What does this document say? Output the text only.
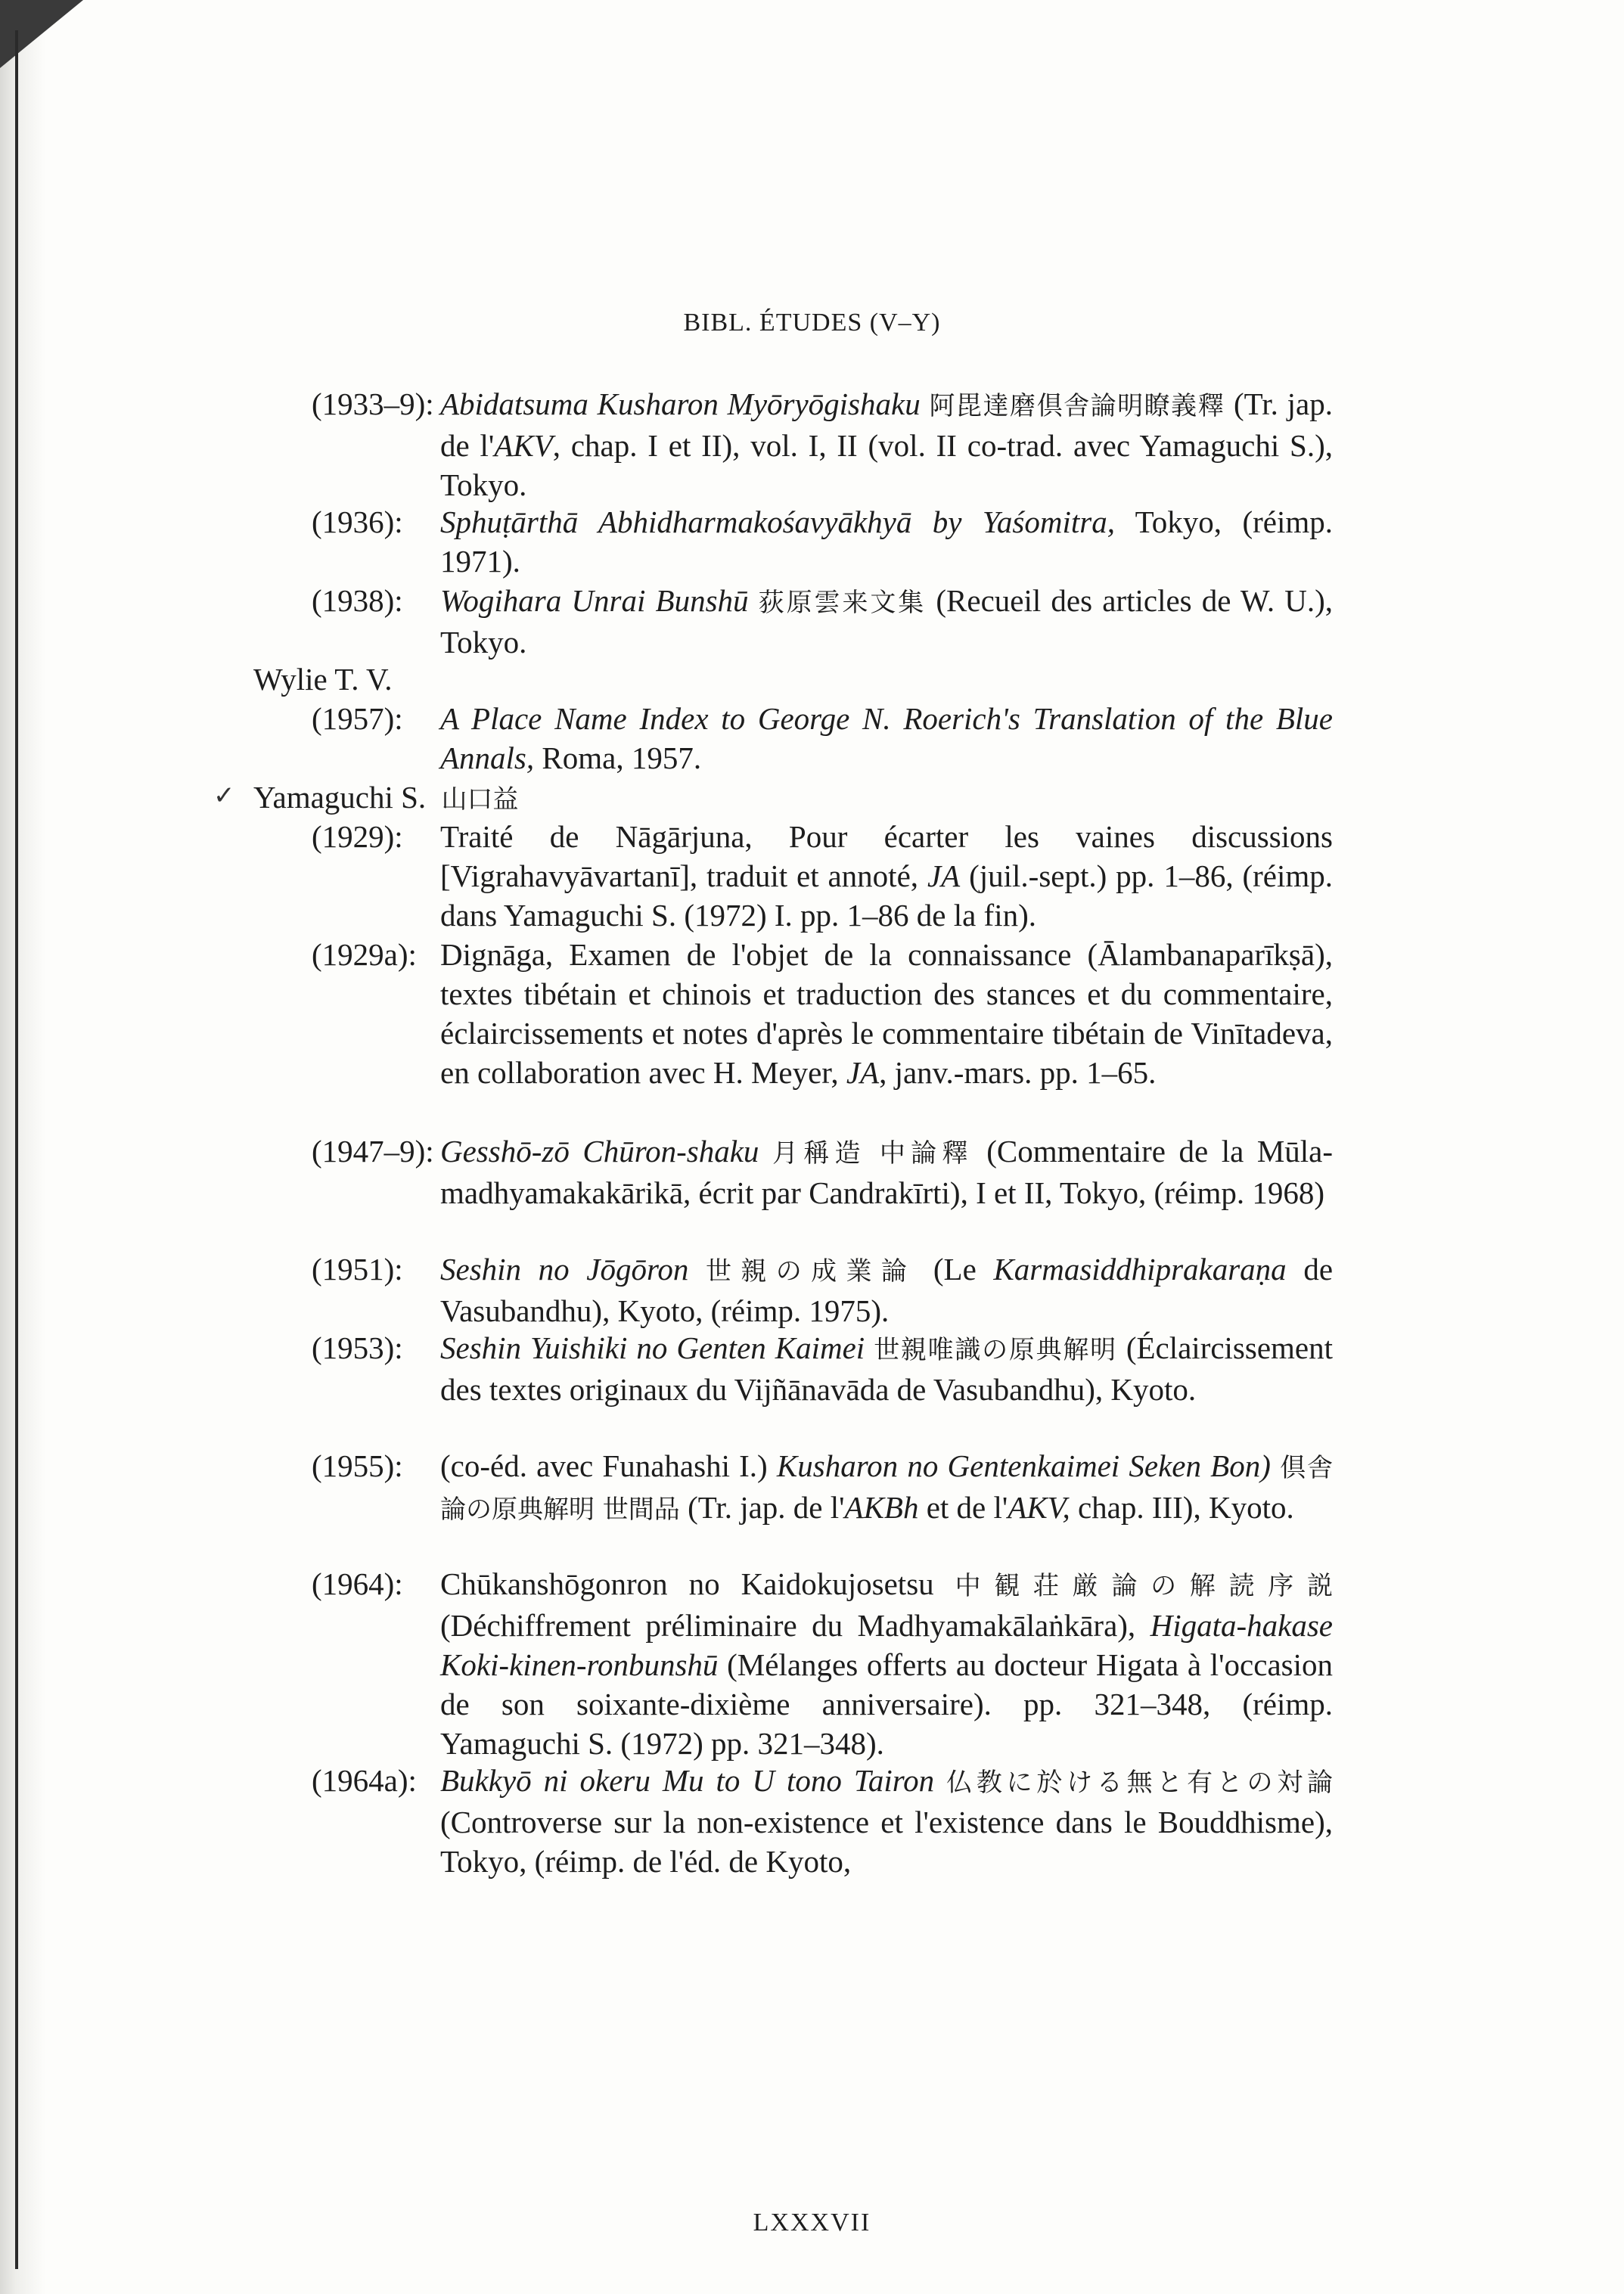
BIBL. ÉTUDES (V–Y)
(1933–9): Abidatsuma Kusharon Myōryōgishaku 阿毘達磨倶舎論明瞭義釋 (Tr. jap. de l'AKV, chap. I et II), vol. I, II (vol. II co-trad. avec Yamaguchi S.), Tokyo.
(1936):	Sphuṭārthā Abhidharmakośavyākhyā by Yaśomitra, Tokyo, (réimp. 1971).
(1938):	Wogihara Unrai Bunshū 荻原雲来文集 (Recueil des articles de W. U.), Tokyo.
Wylie T. V.
(1957):	A Place Name Index to George N. Roerich's Translation of the Blue Annals, Roma, 1957.
✓ Yamaguchi S. 山口益
(1929):	Traité de Nāgārjuna, Pour écarter les vaines discussions [Vigrahavyāvartanī], traduit et annoté, JA (juil.-sept.) pp. 1–86, (réimp. dans Yamaguchi S. (1972) I. pp. 1–86 de la fin).
(1929a): Dignāga, Examen de l'objet de la connaissance (Ālambanaparīkṣā), textes tibétain et chinois et traduction des stances et du commentaire, éclaircissements et notes d'après le commentaire tibétain de Vinītadeva, en collaboration avec H. Meyer, JA, janv.-mars. pp. 1–65.
(1947–9): Gesshō-zō Chūron-shaku 月稱造 中論釋 (Commentaire de la Mūla-madhyamakakārikā, écrit par Candrakīrti), I et II, Tokyo, (réimp. 1968)
(1951):	Seshin no Jōgōron 世親の成業論 (Le Karmasiddhiprakaraṇa de Vasubandhu), Kyoto, (réimp. 1975).
(1953):	Seshin Yuishiki no Genten Kaimei 世親唯識の原典解明 (Éclaircissement des textes originaux du Vijñānavāda de Vasubandhu), Kyoto.
(1955):	(co-éd. avec Funahashi I.) Kusharon no Gentenkaimei Seken Bon) 倶舎論の原典解明 世間品 (Tr. jap. de l'AKBh et de l'AKV, chap. III), Kyoto.
(1964):	Chūkanshōgonron no Kaidokujosetsu 中観荘厳論の解読序説 (Déchiffrement préliminaire du Madhyamakālaṅkāra), Higata-hakase Koki-kinen-ronbunshū (Mélanges offerts au docteur Higata à l'occasion de son soixante-dixième anniversaire). pp. 321–348, (réimp. Yamaguchi S. (1972) pp. 321–348).
(1964a): Bukkyō ni okeru Mu to U tono Tairon 仏教に於ける無と有との対論 (Controverse sur la non-existence et l'existence dans le Bouddhisme), Tokyo, (réimp. de l'éd. de Kyoto,
LXXXVII
